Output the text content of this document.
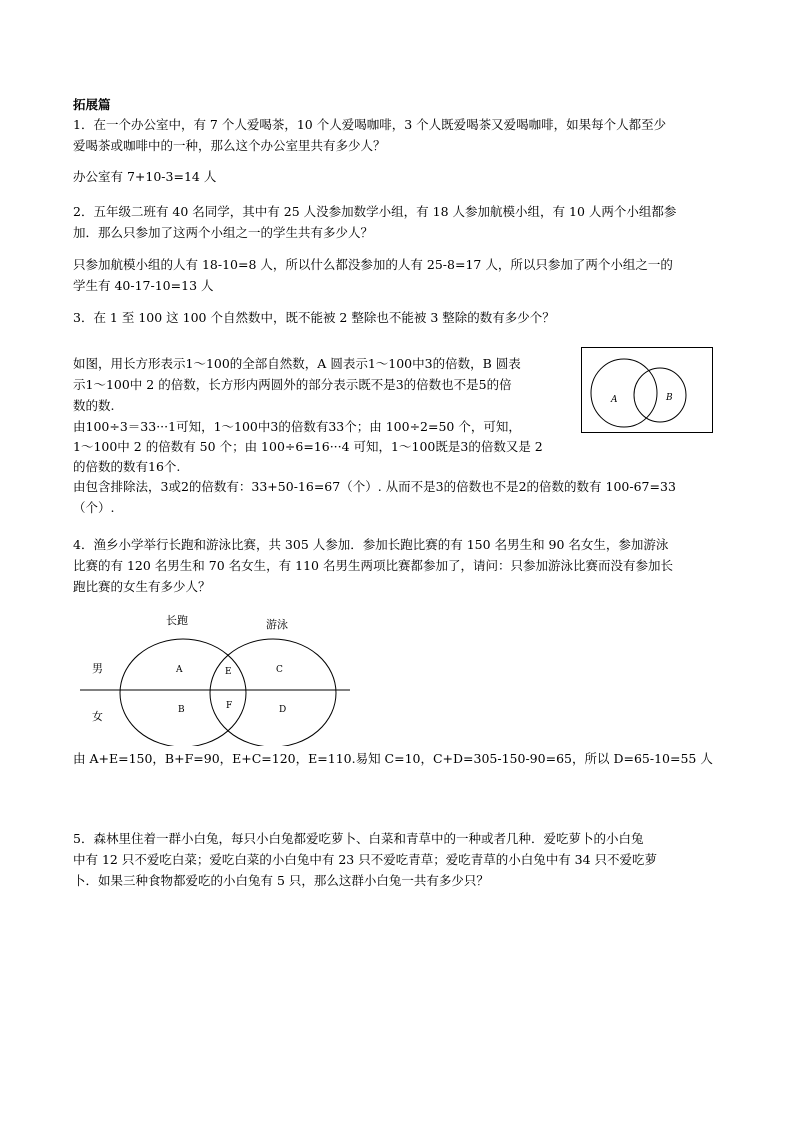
拓展篇
1．在一个办公室中，有 7 个人爱喝茶，10 个人爱喝咖啡，3 个人既爱喝茶又爱喝咖啡，如果每个人都至少
爱喝茶或咖啡中的一种，那么这个办公室里共有多少人？
办公室有 7+10-3=14 人
2．五年级二班有 40 名同学，其中有 25 人没参加数学小组，有 18 人参加航模小组，有 10 人两个小组都参
加．那么只参加了这两个小组之一的学生共有多少人？
只参加航模小组的人有 18-10=8 人，所以什么都没参加的人有 25-8=17 人，所以只参加了两个小组之一的
学生有 40-17-10=13 人
3．在 1 至 100 这 100 个自然数中，既不能被 2 整除也不能被 3 整除的数有多少个？
如图，用长方形表示1～100的全部自然数，A 圆表示1～100中3的倍数，B 圆表
示1～100中 2 的倍数，长方形内两圆外的部分表示既不是3的倍数也不是5的倍
数的数.
由100÷3＝33···1可知，1～100中3的倍数有33个；由 100÷2=50 个，可知，
1～100中 2 的倍数有 50 个；由 100÷6=16···4 可知，1～100既是3的倍数又是 2
的倍数的数有16个.
由包含排除法，3或2的倍数有：33+50-16=67（个）. 从而不是3的倍数也不是2的倍数的数有 100-67=33
（个）.
A	B
4．渔乡小学举行长跑和游泳比赛，共 305 人参加．参加长跑比赛的有 150 名男生和 90 名女生，参加游泳
比赛的有 120 名男生和 70 名女生，有 110 名男生两项比赛都参加了，请问：只参加游泳比赛而没有参加长
跑比赛的女生有多少人？
长跑	游泳
男
女
A	E	C
B	F	D
由 A+E=150，B+F=90，E+C=120，E=110.易知 C=10，C+D=305-150-90=65，所以 D=65-10=55 人
5．森林里住着一群小白兔，每只小白兔都爱吃萝卜、白菜和青草中的一种或者几种．爱吃萝卜的小白兔
中有 12 只不爱吃白菜；爱吃白菜的小白兔中有 23 只不爱吃青草；爱吃青草的小白兔中有 34 只不爱吃萝
卜．如果三种食物都爱吃的小白兔有 5 只，那么这群小白兔一共有多少只？
